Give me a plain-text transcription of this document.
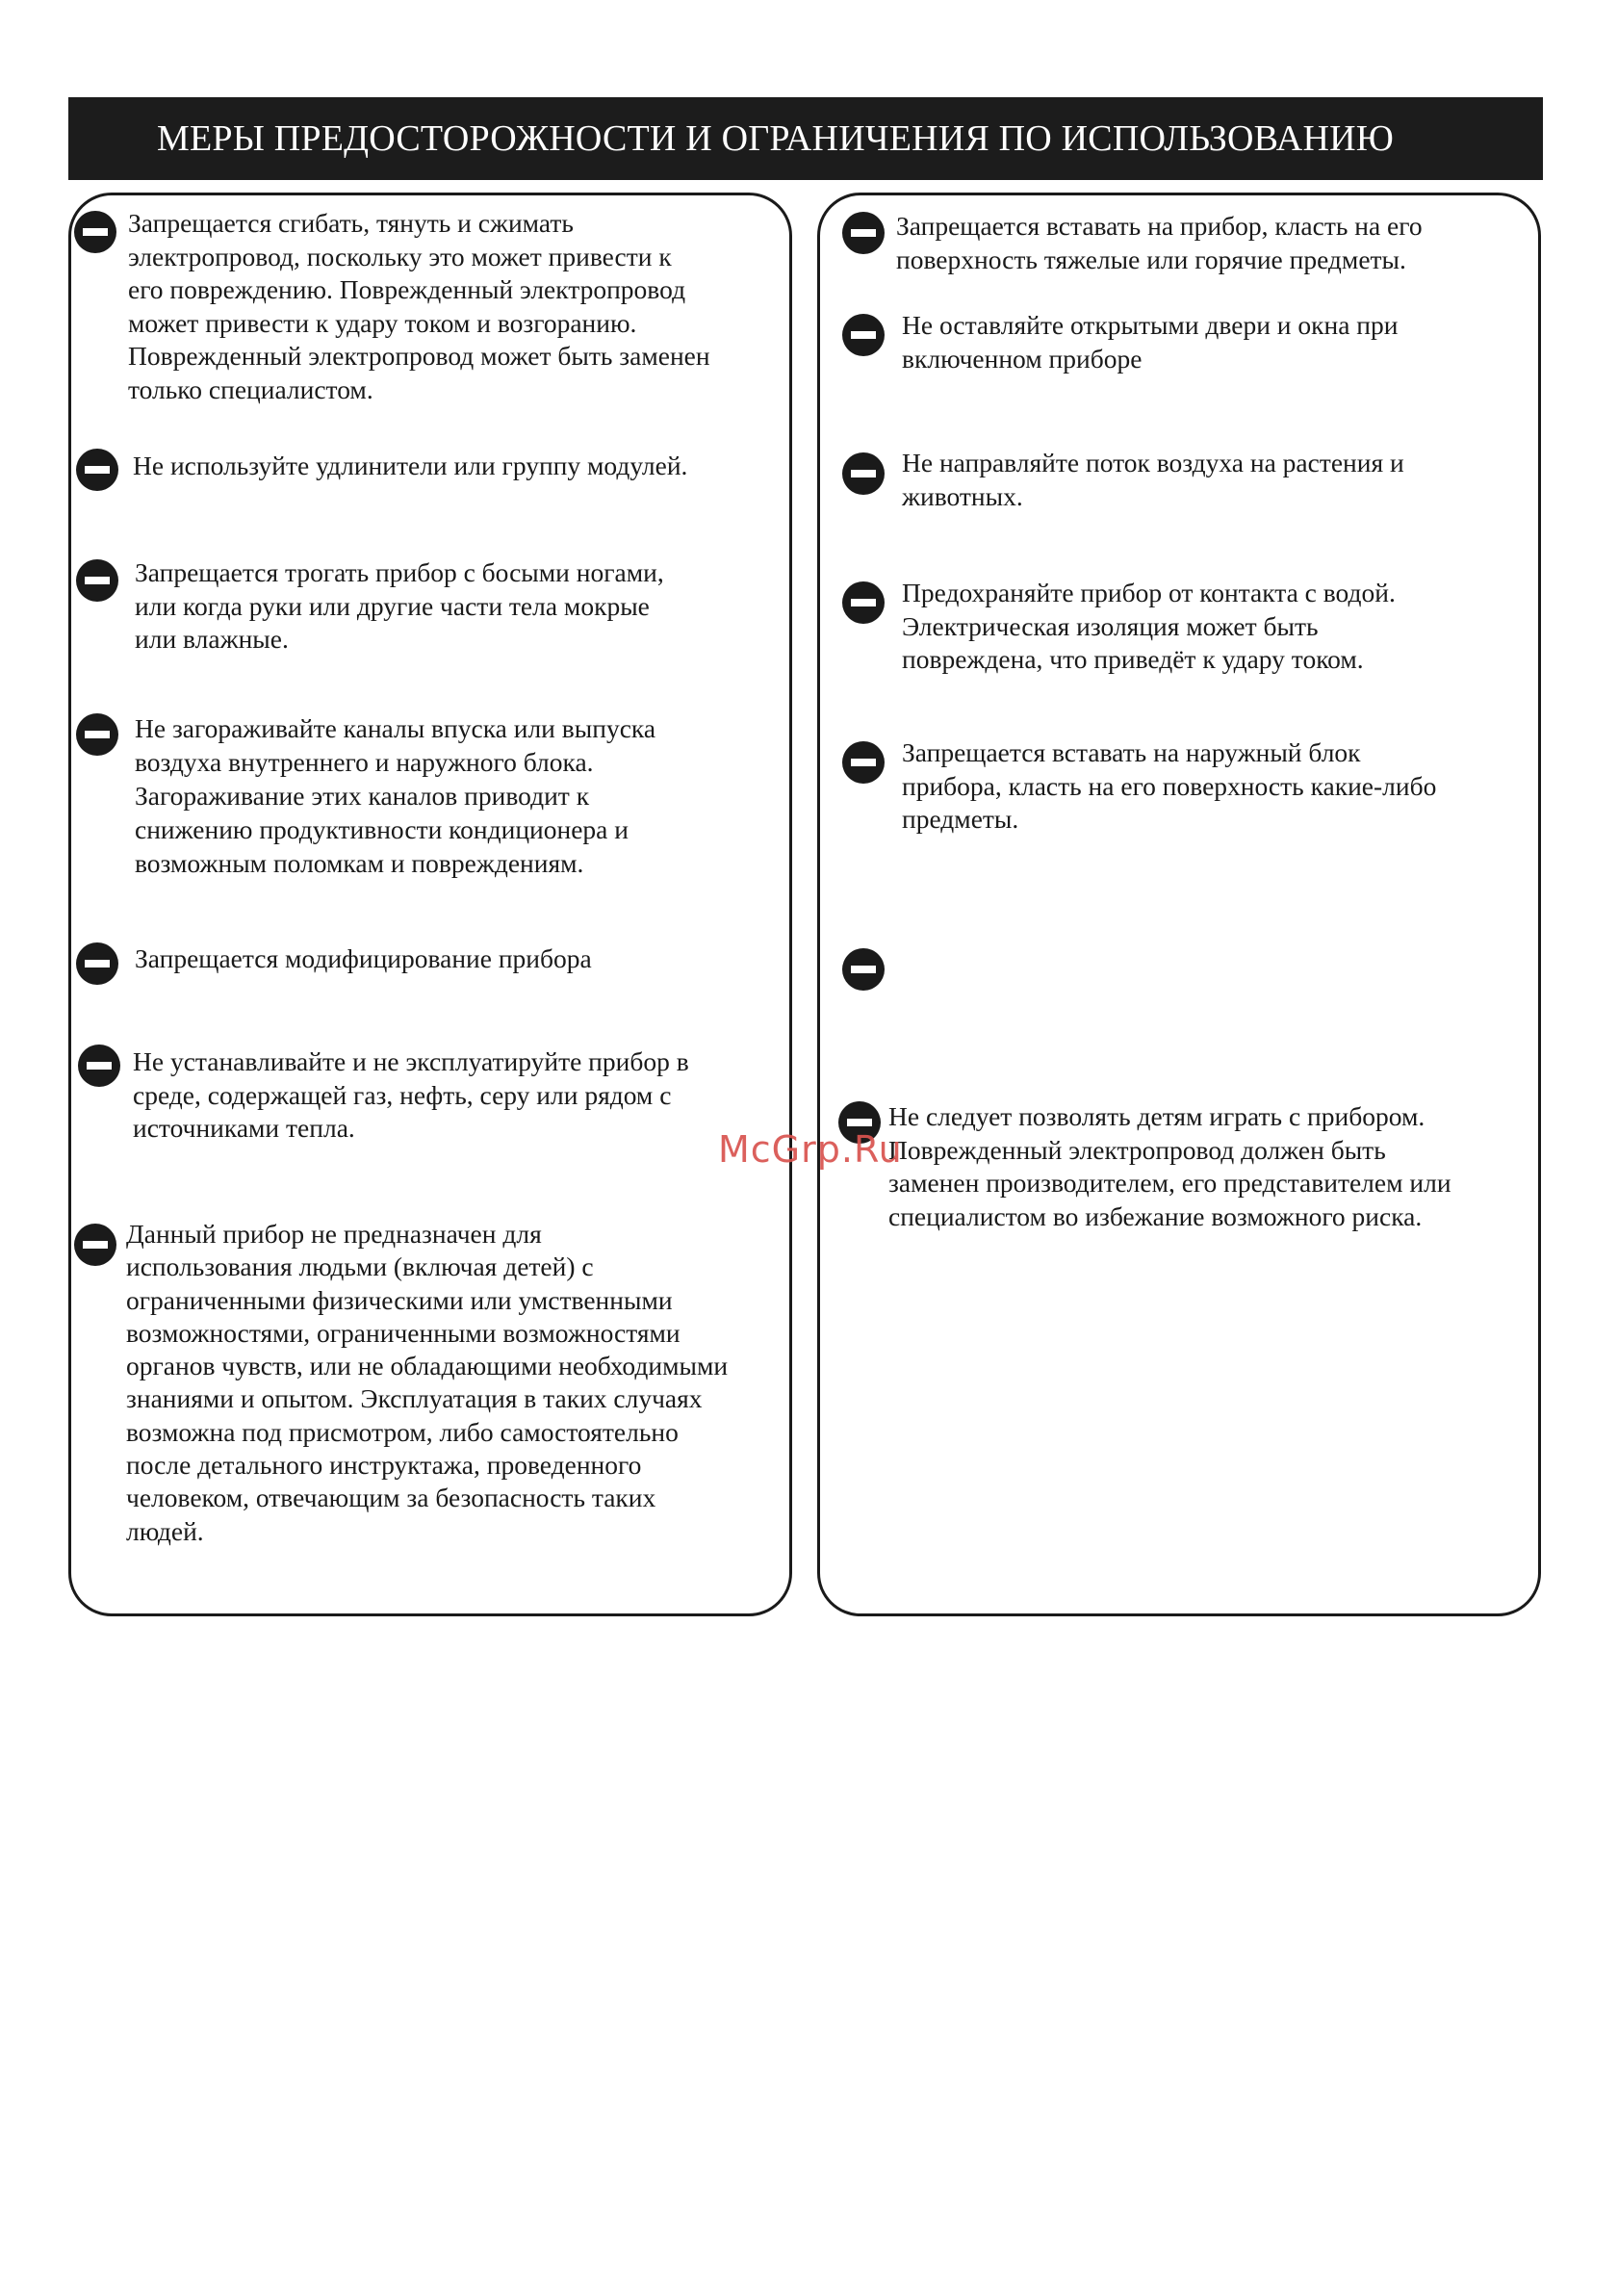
МЕРЫ ПРЕДОСТОРОЖНОСТИ И ОГРАНИЧЕНИЯ ПО ИСПОЛЬЗОВАНИЮ
Запрещается сгибать, тянуть и сжимать
электропровод, поскольку это может привести к
его повреждению. Поврежденный электропровод
может привести к удару током и возгоранию.
Поврежденный электропровод может быть заменен
только специалистом.
Не используйте удлинители или группу модулей.
Запрещается трогать прибор с босыми ногами,
или когда руки или другие части тела мокрые
или влажные.
Не загораживайте каналы впуска или выпуска
воздуха внутреннего и наружного блока.
Загораживание этих каналов приводит к
снижению продуктивности кондиционера и
возможным поломкам и повреждениям.
Запрещается модифицирование прибора
Не устанавливайте и не эксплуатируйте прибор в
среде, содержащей газ, нефть, серу или рядом с
источниками тепла.
Данный прибор не предназначен для
использования людьми (включая детей) с
ограниченными физическими или умственными
возможностями, ограниченными возможностями
органов чувств, или не обладающими необходимыми
знаниями и опытом. Эксплуатация в таких случаях
возможна под присмотром, либо самостоятельно
после детального инструктажа, проведенного
человеком, отвечающим за безопасность таких
людей.
Запрещается вставать на прибор, класть на его
поверхность тяжелые или горячие предметы.
Не оставляйте открытыми двери и окна при
включенном приборе
Не направляйте поток воздуха на растения и
животных.
Предохраняйте прибор от контакта с водой.
Электрическая изоляция может быть
повреждена, что приведёт к удару током.
Запрещается вставать на наружный блок
прибора, класть на его поверхность какие-либо
предметы.
Не следует позволять детям играть с прибором.
Поврежденный электропровод должен быть
заменен производителем, его представителем или
специалистом во избежание возможного риска.
McGrp.Ru
